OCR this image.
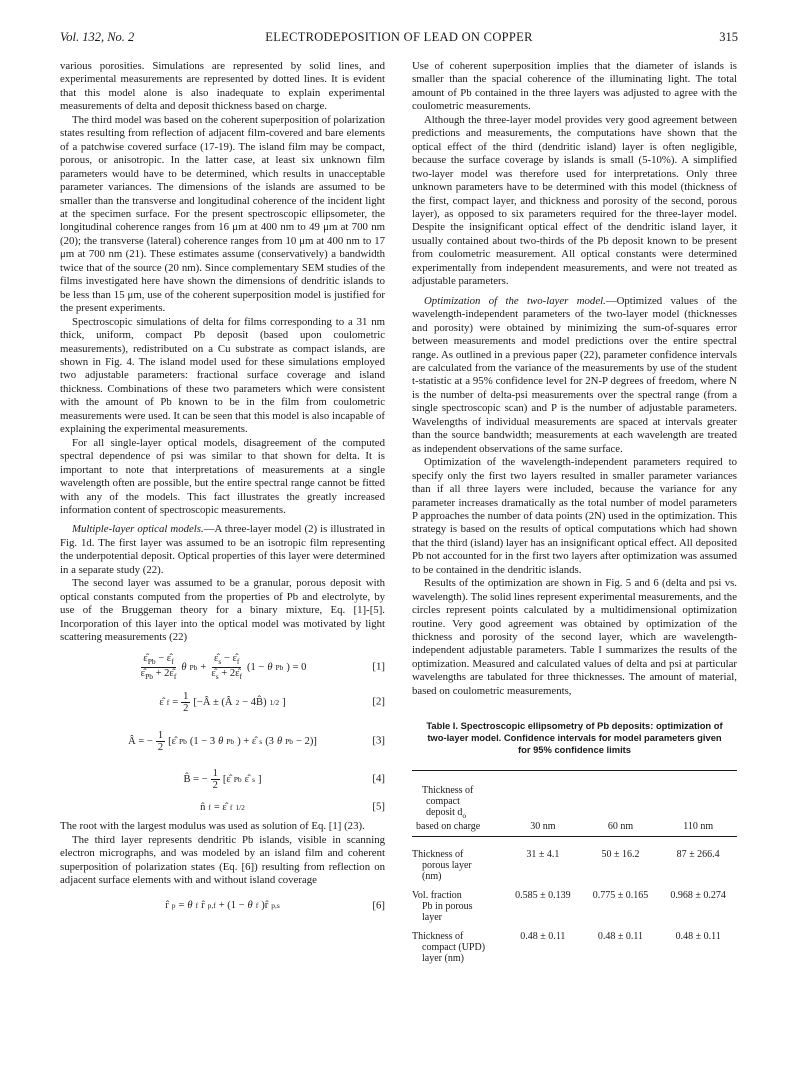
Vol. 132, No. 2	ELECTRODEPOSITION OF LEAD ON COPPER	315

various porosities. Simulations are represented by solid lines, and experimental measurements are represented by dotted lines. It is evident that this model alone is also inadequate to explain experimental measurements of delta and deposit thickness based on charge.

The third model was based on the coherent superposition of polarization states resulting from reflection of adjacent film-covered and bare elements of a patchwise covered surface (17-19). The island film may be compact, porous, or anisotropic. In the latter case, at least six unknown film parameters would have to be determined, which results in unacceptable parameter variances. The dimensions of the islands are assumed to be smaller than the transverse and longitudinal coherence of the incident light at the specimen surface. For the present spectroscopic ellipsometer, the longitudinal coherence ranges from 16 μm at 400 nm to 49 μm at 700 nm (20); the transverse (lateral) coherence ranges from 10 μm at 400 nm to 17 μm at 700 nm (21). These estimates assume (conservatively) a bandwidth twice that of the source (20 nm). Since complementary SEM studies of the films investigated here have shown the dimensions of dendritic islands to be less than 15 μm, use of the coherent superposition model is justified for the present experiments.

Spectroscopic simulations of delta for films corresponding to a 31 nm thick, uniform, compact Pb deposit (based upon coulometric measurements), redistributed on a Cu substrate as compact islands, are shown in Fig. 4. The island model used for these simulations employed two adjustable parameters: fractional surface coverage and island thickness. Combinations of these two parameters which were consistent with the amount of Pb known to be in the film from coulometric measurements were used. It can be seen that this model is also incapable of explaining the experimental measurements.

For all single-layer optical models, disagreement of the computed spectral dependence of psi was similar to that shown for delta. It is important to note that interpretations of measurements at a single wavelength often are possible, but the entire spectral range cannot be fitted with any of the models. This fact illustrates the greatly increased information content of spectroscopic measurements.

Multiple-layer optical models.—A three-layer model (2) is illustrated in Fig. 1d. The first layer was assumed to be an isotropic film representing the underpotential deposit. Optical properties of this layer were determined in a separate study (22).

The second layer was assumed to be a granular, porous deposit with optical constants computed from the properties of Pb and electrolyte, by use of the Bruggeman theory for a binary mixture, Eq. [1]-[5]. Incorporation of this layer into the optical model was motivated by light scattering measurements (22)

$\frac{\varepsilon̂_{Pb} - \varepsilon̂_f}{\varepsilon̂_{Pb} + 2\varepsilon̂_f}$ θ $Pb + \frac{\varepsilon̂_s - \varepsilon̂_f}{\varepsilon̂_s + 2\varepsilon̂_f} (1 - \theta$ Pb ) = 0	[1]
ε̂ $f = \frac{1}{2}$ [−Â ± (Â 2 − 4B̂) 1/2 ]	[2]
Â = − $\frac{1}{2}$ [ε̂ Pb (1 − 3 θ Pb ) + ε̂ s (3 θ Pb − 2)]	[3]
B̂ = − $\frac{1}{2}$ [ε̂ Pb ε̂ s ]	[4]
n̂ f = ε̂ f 1/2	[5]

The root with the largest modulus was used as solution of Eq. [1] (23).

The third layer represents dendritic Pb islands, visible in scanning electron micrographs, and was modeled by an island film and coherent superposition of polarization states (Eq. [6]) resulting from reflection on adjacent surface elements with and without island coverage

r̂ p = θ f r̂ p,f + (1 − θ f )r̂ p,s	[6]

Use of coherent superposition implies that the diameter of islands is smaller than the spacial coherence of the illuminating light. The total amount of Pb contained in the three layers was adjusted to agree with the coulometric measurements.

Although the three-layer model provides very good agreement between predictions and measurements, the computations have shown that the optical effect of the third (dendritic island) layer is often negligible, because the surface coverage by islands is small (5-10%). A simplified two-layer model was therefore used for interpretations. Only three unknown parameters have to be determined with this model (thickness of the first, compact layer, and thickness and porosity of the second, porous layer), as opposed to six parameters required for the three-layer model. Despite the insignificant optical effect of the dendritic island layer, it usually contained about two-thirds of the Pb deposit known to be present from coulometric measurement. All optical constants were determined experimentally from independent measurements, and were not treated as adjustable parameters.

Optimization of the two-layer model.—Optimized values of the wavelength-independent parameters of the two-layer model (thicknesses and porosity) were obtained by minimizing the sum-of-squares error between measurements and model predictions over the entire spectral range. As outlined in a previous paper (22), parameter confidence intervals are calculated from the variance of the measurements by use of the student t-statistic at a 95% confidence level for 2N-P degrees of freedom, where N is the number of delta-psi measurements over the spectral range (from a single spectroscopic scan) and P is the number of adjustable parameters. Wavelengths of individual measurements are spaced at intervals greater than the source bandwidth; measurements at each wavelength are treated as independent observations of the same surface.

Optimization of the wavelength-independent parameters required to specify only the first two layers resulted in smaller parameter variances than if all three layers were included, because the variance for any parameter increases dramatically as the total number of model parameters P approaches the number of data points (2N) used in the optimization. This strategy is based on the results of optical computations which had shown that the third (island) layer has an insignificant optical effect. All deposited Pb not accounted for in the first two layers after optimization was assumed to be contained in the dendritic islands.

Results of the optimization are shown in Fig. 5 and 6 (delta and psi vs. wavelength). The solid lines represent experimental measurements, and the circles represent points calculated by a multidimensional optimization routine. Very good agreement was obtained by optimization of the thickness and porosity of the second layer, which are wavelength-independent adjustable parameters. Table I summarizes the results of the optimization. Measured and calculated values of delta and psi at particular wavelengths are tabulated for three thicknesses. The amount of material, based on coulometric measurements,

Table I. Spectroscopic ellipsometry of Pb deposits: optimization of two-layer model. Confidence intervals for model parameters given for 95% confidence limits
Thickness of
compact
deposit $d_o$
based on charge	30 nm	60 nm	110 nm
Thickness of

porous layer
(nm)	31 ± 4.1	50 ± 16.2	87 ± 266.4
Vol. fraction

Pb in porous
layer	0.585 ± 0.139	0.775 ± 0.165	0.968 ± 0.274
Thickness of

compact (UPD)
layer (nm)	0.48 ± 0.11	0.48 ± 0.11	0.48 ± 0.11
